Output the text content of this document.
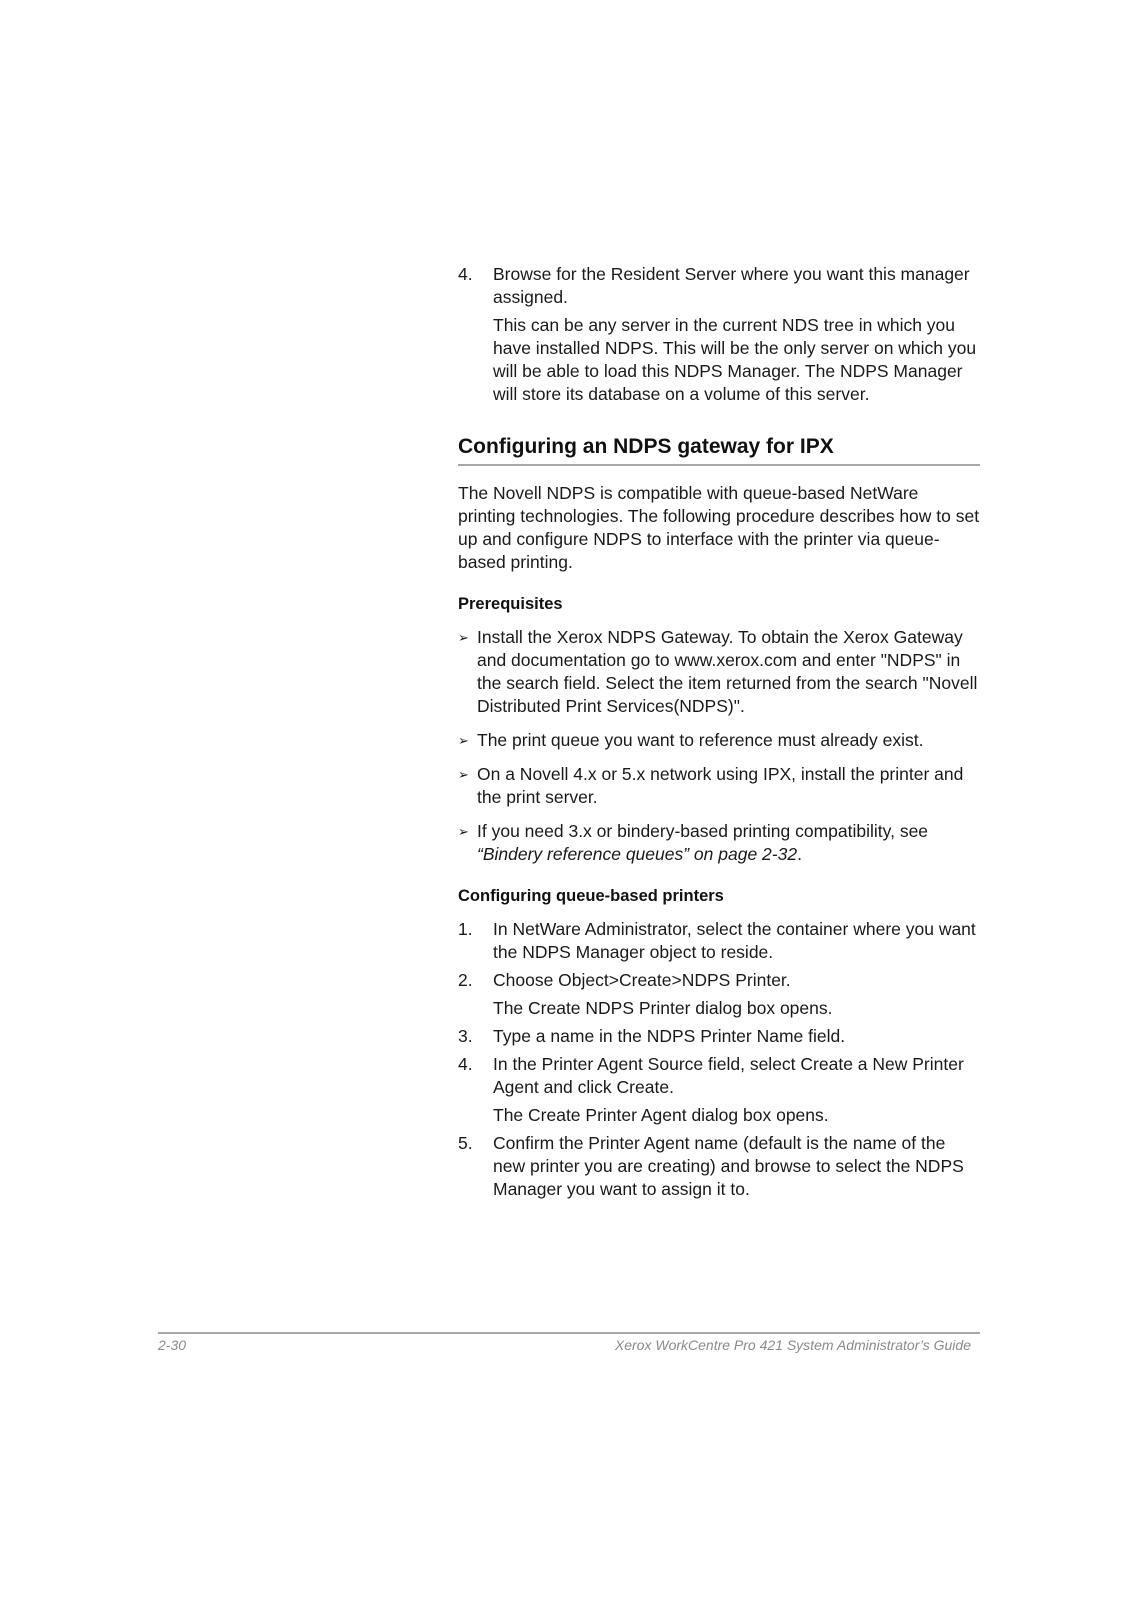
4.	Browse for the Resident Server where you want this manager assigned.

This can be any server in the current NDS tree in which you have installed NDPS. This will be the only server on which you will be able to load this NDPS Manager. The NDPS Manager will store its database on a volume of this server.

Configuring an NDPS gateway for IPX

The Novell NDPS is compatible with queue-based NetWare printing technologies. The following procedure describes how to set up and configure NDPS to interface with the printer via queue-based printing.

Prerequisites
➢ Install the Xerox NDPS Gateway. To obtain the Xerox Gateway and documentation go to www.xerox.com and enter "NDPS" in the search field. Select the item returned from the search "Novell Distributed Print Services(NDPS)".
➢ The print queue you want to reference must already exist.
➢ On a Novell 4.x or 5.x network using IPX, install the printer and the print server.
➢ If you need 3.x or bindery-based printing compatibility, see “Bindery reference queues” on page 2-32.
Configuring queue-based printers
1.	In NetWare Administrator, select the container where you want the NDPS Manager object to reside.
2.	Choose Object>Create>NDPS Printer.

The Create NDPS Printer dialog box opens.

3.	Type a name in the NDPS Printer Name field.
4.	In the Printer Agent Source field, select Create a New Printer Agent and click Create.

The Create Printer Agent dialog box opens.

5.	Confirm the Printer Agent name (default is the name of the new printer you are creating) and browse to select the NDPS Manager you want to assign it to.
2-30	Xerox WorkCentre Pro 421 System Administrator’s Guide
